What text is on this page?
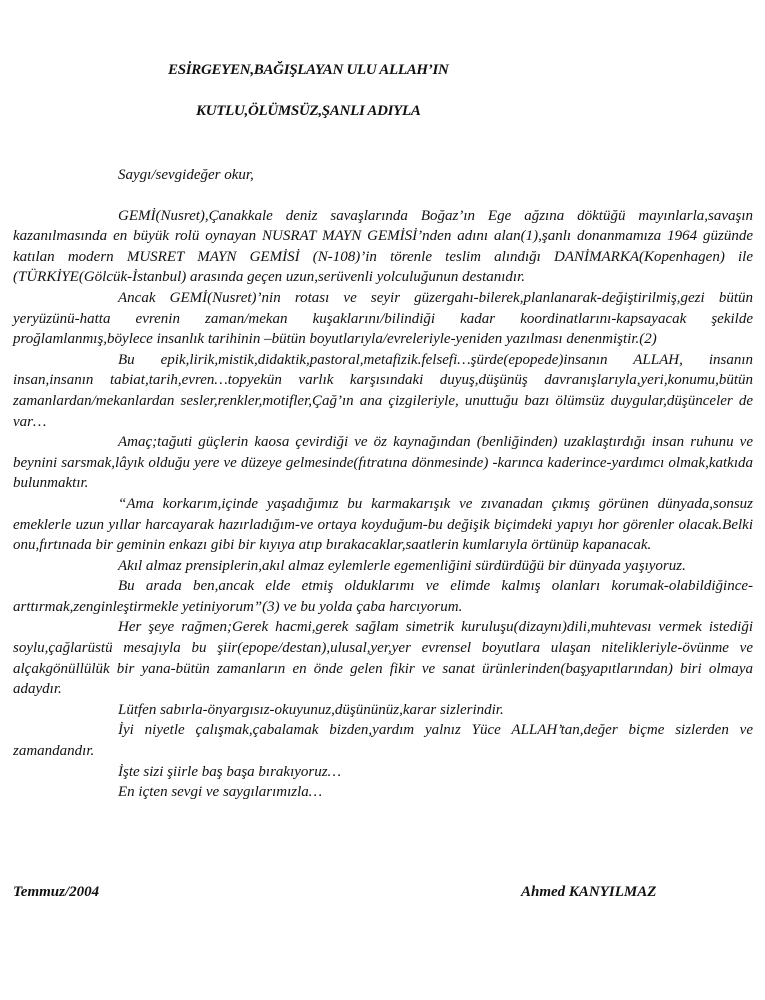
ESİRGEYEN,BAĞIŞLAYAN ULU ALLAH’IN
KUTLU,ÖLÜMSÜZ,ŞANLI ADIYLA
Saygı/sevgideğer okur,

GEMİ(Nusret),Çanakkale deniz savaşlarında Boğaz’ın Ege ağzına döktüğü mayınlarla,savaşın kazanılmasında en büyük rolü oynayan NUSRAT MAYN GEMİSİ’nden adını alan(1),şanlı donanmamıza 1964 güzünde katılan modern MUSRET MAYN GEMİSİ (N-108)’in törenle teslim alındığı DANİMARKA(Kopenhagen) ile (TÜRKİYE(Gölcük-İstanbul) arasında geçen uzun,serüvenli yolculuğunun destanıdır.

Ancak GEMİ(Nusret)’nin rotası ve seyir güzergahı-bilerek,planlanarak-değiştirilmiş,gezi bütün yeryüzünü-hatta evrenin zaman/mekan kuşaklarını/bilindiği kadar koordinatlarını-kapsayacak şekilde proğlamlanmış,böylece insanlık tarihinin –bütün boyutlarıyla/evreleriyle-yeniden yazılması denenmiştir.(2)

Bu epik,lirik,mistik,didaktik,pastoral,metafizik.felsefi…şürde(epopede)insanın ALLAH, insanın insan,insanın tabiat,tarih,evren…topyekün varlık karşısındaki duyuş,düşünüş davranışlarıyla,yeri,konumu,bütün zamanlardan/mekanlardan sesler,renkler,motifler,Çağ’ın ana çizgileriyle, unuttuğu bazı ölümsüz duygular,düşünceler de var…

Amaç;tağuti güçlerin kaosa çevirdiği ve öz kaynağından (benliğinden) uzaklaştırdığı insan ruhunu ve beynini sarsmak,lâyık olduğu yere ve düzeye gelmesinde(fıtratına dönmesinde) -karınca kaderince-yardımcı olmak,katkıda bulunmaktır.

“Ama korkarım,içinde yaşadığımız bu karmakarışık ve zıvanadan çıkmış görünen dünyada,sonsuz emeklerle uzun yıllar harcayarak hazırladığım-ve ortaya koyduğum-bu değişik biçimdeki yapıyı hor görenler olacak.Belki onu,fırtınada bir geminin enkazı gibi bir kıyıya atıp bırakacaklar,saatlerin kumlarıyla örtünüp kapanacak.

Akıl almaz prensiplerin,akıl almaz eylemlerle egemenliğini sürdürdüğü bir dünyada yaşıyoruz.

Bu arada ben,ancak elde etmiş olduklarımı ve elimde kalmış olanları korumak-olabildiğince-arttırmak,zenginleştirmekle yetiniyorum”(3) ve bu yolda çaba harcıyorum.

Her şeye rağmen;Gerek hacmi,gerek sağlam simetrik kuruluşu(dizaynı)dili,muhtevası vermek istediği soylu,çağlarüstü mesajıyla bu şiir(epope/destan),ulusal,yer,yer evrensel boyutlara ulaşan nitelikleriyle-övünme ve alçakgönüllülük bir yana-bütün zamanların en önde gelen fikir ve sanat ürünlerinden(başyapıtlarından) biri olmaya adaydır.

Lütfen sabırla-önyargısız-okuyunuz,düşününüz,karar sizlerindir.

İyi niyetle çalışmak,çabalamak bizden,yardım yalnız Yüce ALLAH’tan,değer biçme sizlerden ve zamandandır.

İşte sizi şiirle baş başa bırakıyoruz…

En içten sevgi ve saygılarımızla…

Temmuz/2004	Ahmed KANYILMAZ
